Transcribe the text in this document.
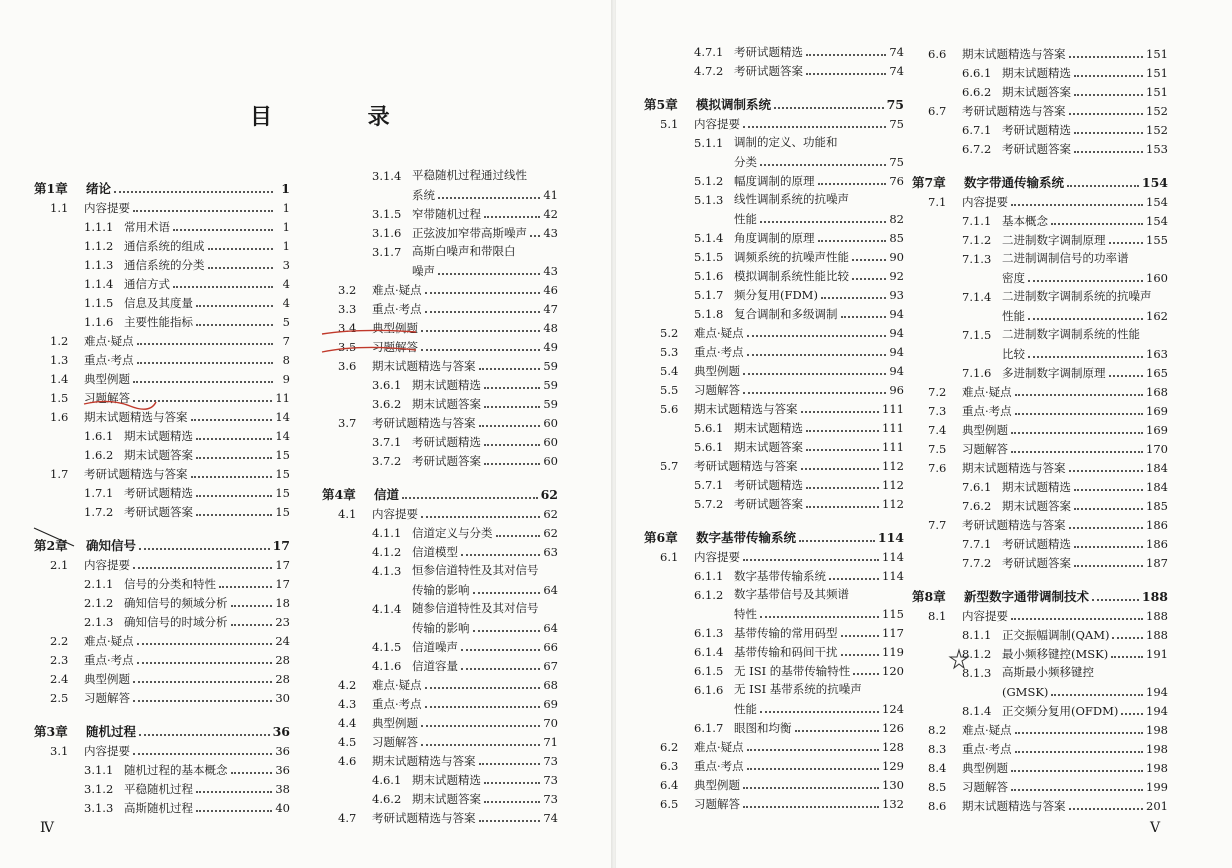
目 录
第1章	绪论	1
1.1	内容提要	1
1.1.1 常用术语	1
1.1.2 通信系统的组成	1
1.1.3 通信系统的分类	3
1.1.4 通信方式	4
1.1.5 信息及其度量	4
1.1.6 主要性能指标	5
1.2	难点·疑点	7
1.3	重点·考点	8
1.4	典型例题	9
1.5	习题解答	11
1.6	期末试题精选与答案	14
1.6.1 期末试题精选	14
1.6.2 期末试题答案	15
1.7	考研试题精选与答案	15
1.7.1 考研试题精选	15
1.7.2 考研试题答案	15
第2章	确知信号	17
2.1	内容提要	17
2.1.1 信号的分类和特性	17
2.1.2 确知信号的频域分析	18
2.1.3 确知信号的时域分析	23
2.2	难点·疑点	24
2.3	重点·考点	28
2.4	典型例题	28
2.5	习题解答	30
第3章	随机过程	36
3.1	内容提要	36
3.1.1 随机过程的基本概念	36
3.1.2 平稳随机过程	38
3.1.3 高斯随机过程	40
3.1.4 平稳随机过程通过线性
系统	41
3.1.5 窄带随机过程	42
3.1.6 正弦波加窄带高斯噪声 43
3.1.7 高斯白噪声和带限白
噪声	43
3.2	难点·疑点	46
3.3	重点·考点	47
3.4	典型例题	48
3.5	习题解答	49
3.6	期末试题精选与答案	59
3.6.1 期末试题精选	59
3.6.2 期末试题答案	59
3.7	考研试题精选与答案	60
3.7.1 考研试题精选	60
3.7.2 考研试题答案	60
第4章	信道	62
4.1	内容提要	62
4.1.1 信道定义与分类	62
4.1.2 信道模型	63
4.1.3 恒参信道特性及其对信号
传输的影响	64
4.1.4 随参信道特性及其对信号
传输的影响	64
4.1.5 信道噪声	66
4.1.6 信道容量	67
4.2	难点·疑点	68
4.3	重点·考点	69
4.4	典型例题	70
4.5	习题解答	71
4.6	期末试题精选与答案	73
4.6.1 期末试题精选	73
4.6.2 期末试题答案	73
4.7	考研试题精选与答案	74
Ⅳ
4.7.1 考研试题精选	74
4.7.2 考研试题答案	74
第5章	模拟调制系统	75
5.1	内容提要	75
5.1.1 调制的定义、功能和
分类	75
5.1.2 幅度调制的原理	76
5.1.3 线性调制系统的抗噪声
性能	82
5.1.4 角度调制的原理	85
5.1.5 调频系统的抗噪声性能	90
5.1.6 模拟调制系统性能比较	92
5.1.7 频分复用(FDM)	93
5.1.8 复合调制和多级调制	94
5.2	难点·疑点	94
5.3	重点·考点	94
5.4	典型例题	94
5.5	习题解答	96
5.6	期末试题精选与答案	111
5.6.1 期末试题精选	111
5.6.1 期末试题答案	111
5.7	考研试题精选与答案	112
5.7.1 考研试题精选	112
5.7.2 考研试题答案	112
第6章	数字基带传输系统	114
6.1	内容提要	114
6.1.1 数字基带传输系统	114
6.1.2 数字基带信号及其频谱
特性	115
6.1.3 基带传输的常用码型	117
6.1.4 基带传输和码间干扰	119
6.1.5 无 ISI 的基带传输特性	120
6.1.6 无 ISI 基带系统的抗噪声
性能	124
6.1.7 眼图和均衡	126
6.2	难点·疑点	128
6.3	重点·考点	129
6.4	典型例题	130
6.5	习题解答	132
6.6	期末试题精选与答案	151
6.6.1 期末试题精选	151
6.6.2 期末试题答案	151
6.7	考研试题精选与答案	152
6.7.1 考研试题精选	152
6.7.2 考研试题答案	153
第7章	数字带通传输系统	154
7.1	内容提要	154
7.1.1 基本概念	154
7.1.2 二进制数字调制原理	155
7.1.3 二进制调制信号的功率谱
密度	160
7.1.4 二进制数字调制系统的抗噪声
性能	162
7.1.5 二进制数字调制系统的性能
比较	163
7.1.6 多进制数字调制原理	165
7.2	难点·疑点	168
7.3	重点·考点	169
7.4	典型例题	169
7.5	习题解答	170
7.6	期末试题精选与答案	184
7.6.1 期末试题精选	184
7.6.2 期末试题答案	185
7.7	考研试题精选与答案	186
7.7.1 考研试题精选	186
7.7.2 考研试题答案	187
第8章	新型数字通带调制技术	188
8.1	内容提要	188
8.1.1 正交振幅调制(QAM)	188
8.1.2 最小频移键控(MSK)	191
8.1.3 高斯最小频移键控
(GMSK)	194
8.1.4 正交频分复用(OFDM) 194
8.2	难点·疑点	198
8.3	重点·考点	198
8.4	典型例题	198
8.5	习题解答	199
8.6	期末试题精选与答案	201
Ⅴ
